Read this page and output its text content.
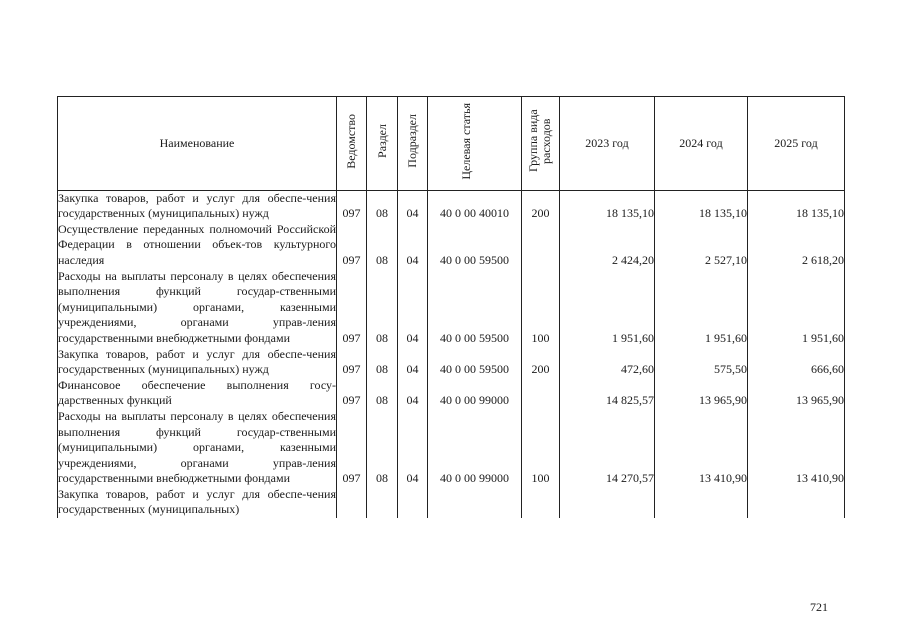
Наименование	Ведомство	Раздел	Подраздел	Целевая статья	Группа вида расходов	2023 год	2024 год	2025 год
Закупка товаров, работ и услуг для обеспе-чения государственных (муниципальных) нужд	097	08	04	40 0 00 40010	200	18 135,10	18 135,10	18 135,10
Осуществление переданных полномочий Российской Федерации в отношении объек-тов культурного наследия	097	08	04	40 0 00 59500		2 424,20	2 527,10	2 618,20
Расходы на выплаты персоналу в целях обеспечения выполнения функций государ-ственными (муниципальными) органами, казенными учреждениями, органами управ-ления государственными внебюджетными фондами	097	08	04	40 0 00 59500	100	1 951,60	1 951,60	1 951,60
Закупка товаров, работ и услуг для обеспе-чения государственных (муниципальных) нужд	097	08	04	40 0 00 59500	200	472,60	575,50	666,60
Финансовое обеспечение выполнения госу-дарственных функций	097	08	04	40 0 00 99000		14 825,57	13 965,90	13 965,90
Расходы на выплаты персоналу в целях обеспечения выполнения функций государ-ственными (муниципальными) органами, казенными учреждениями, органами управ-ления государственными внебюджетными фондами	097	08	04	40 0 00 99000	100	14 270,57	13 410,90	13 410,90
Закупка товаров, работ и услуг для обеспе-чения государственных (муниципальных)								
721
